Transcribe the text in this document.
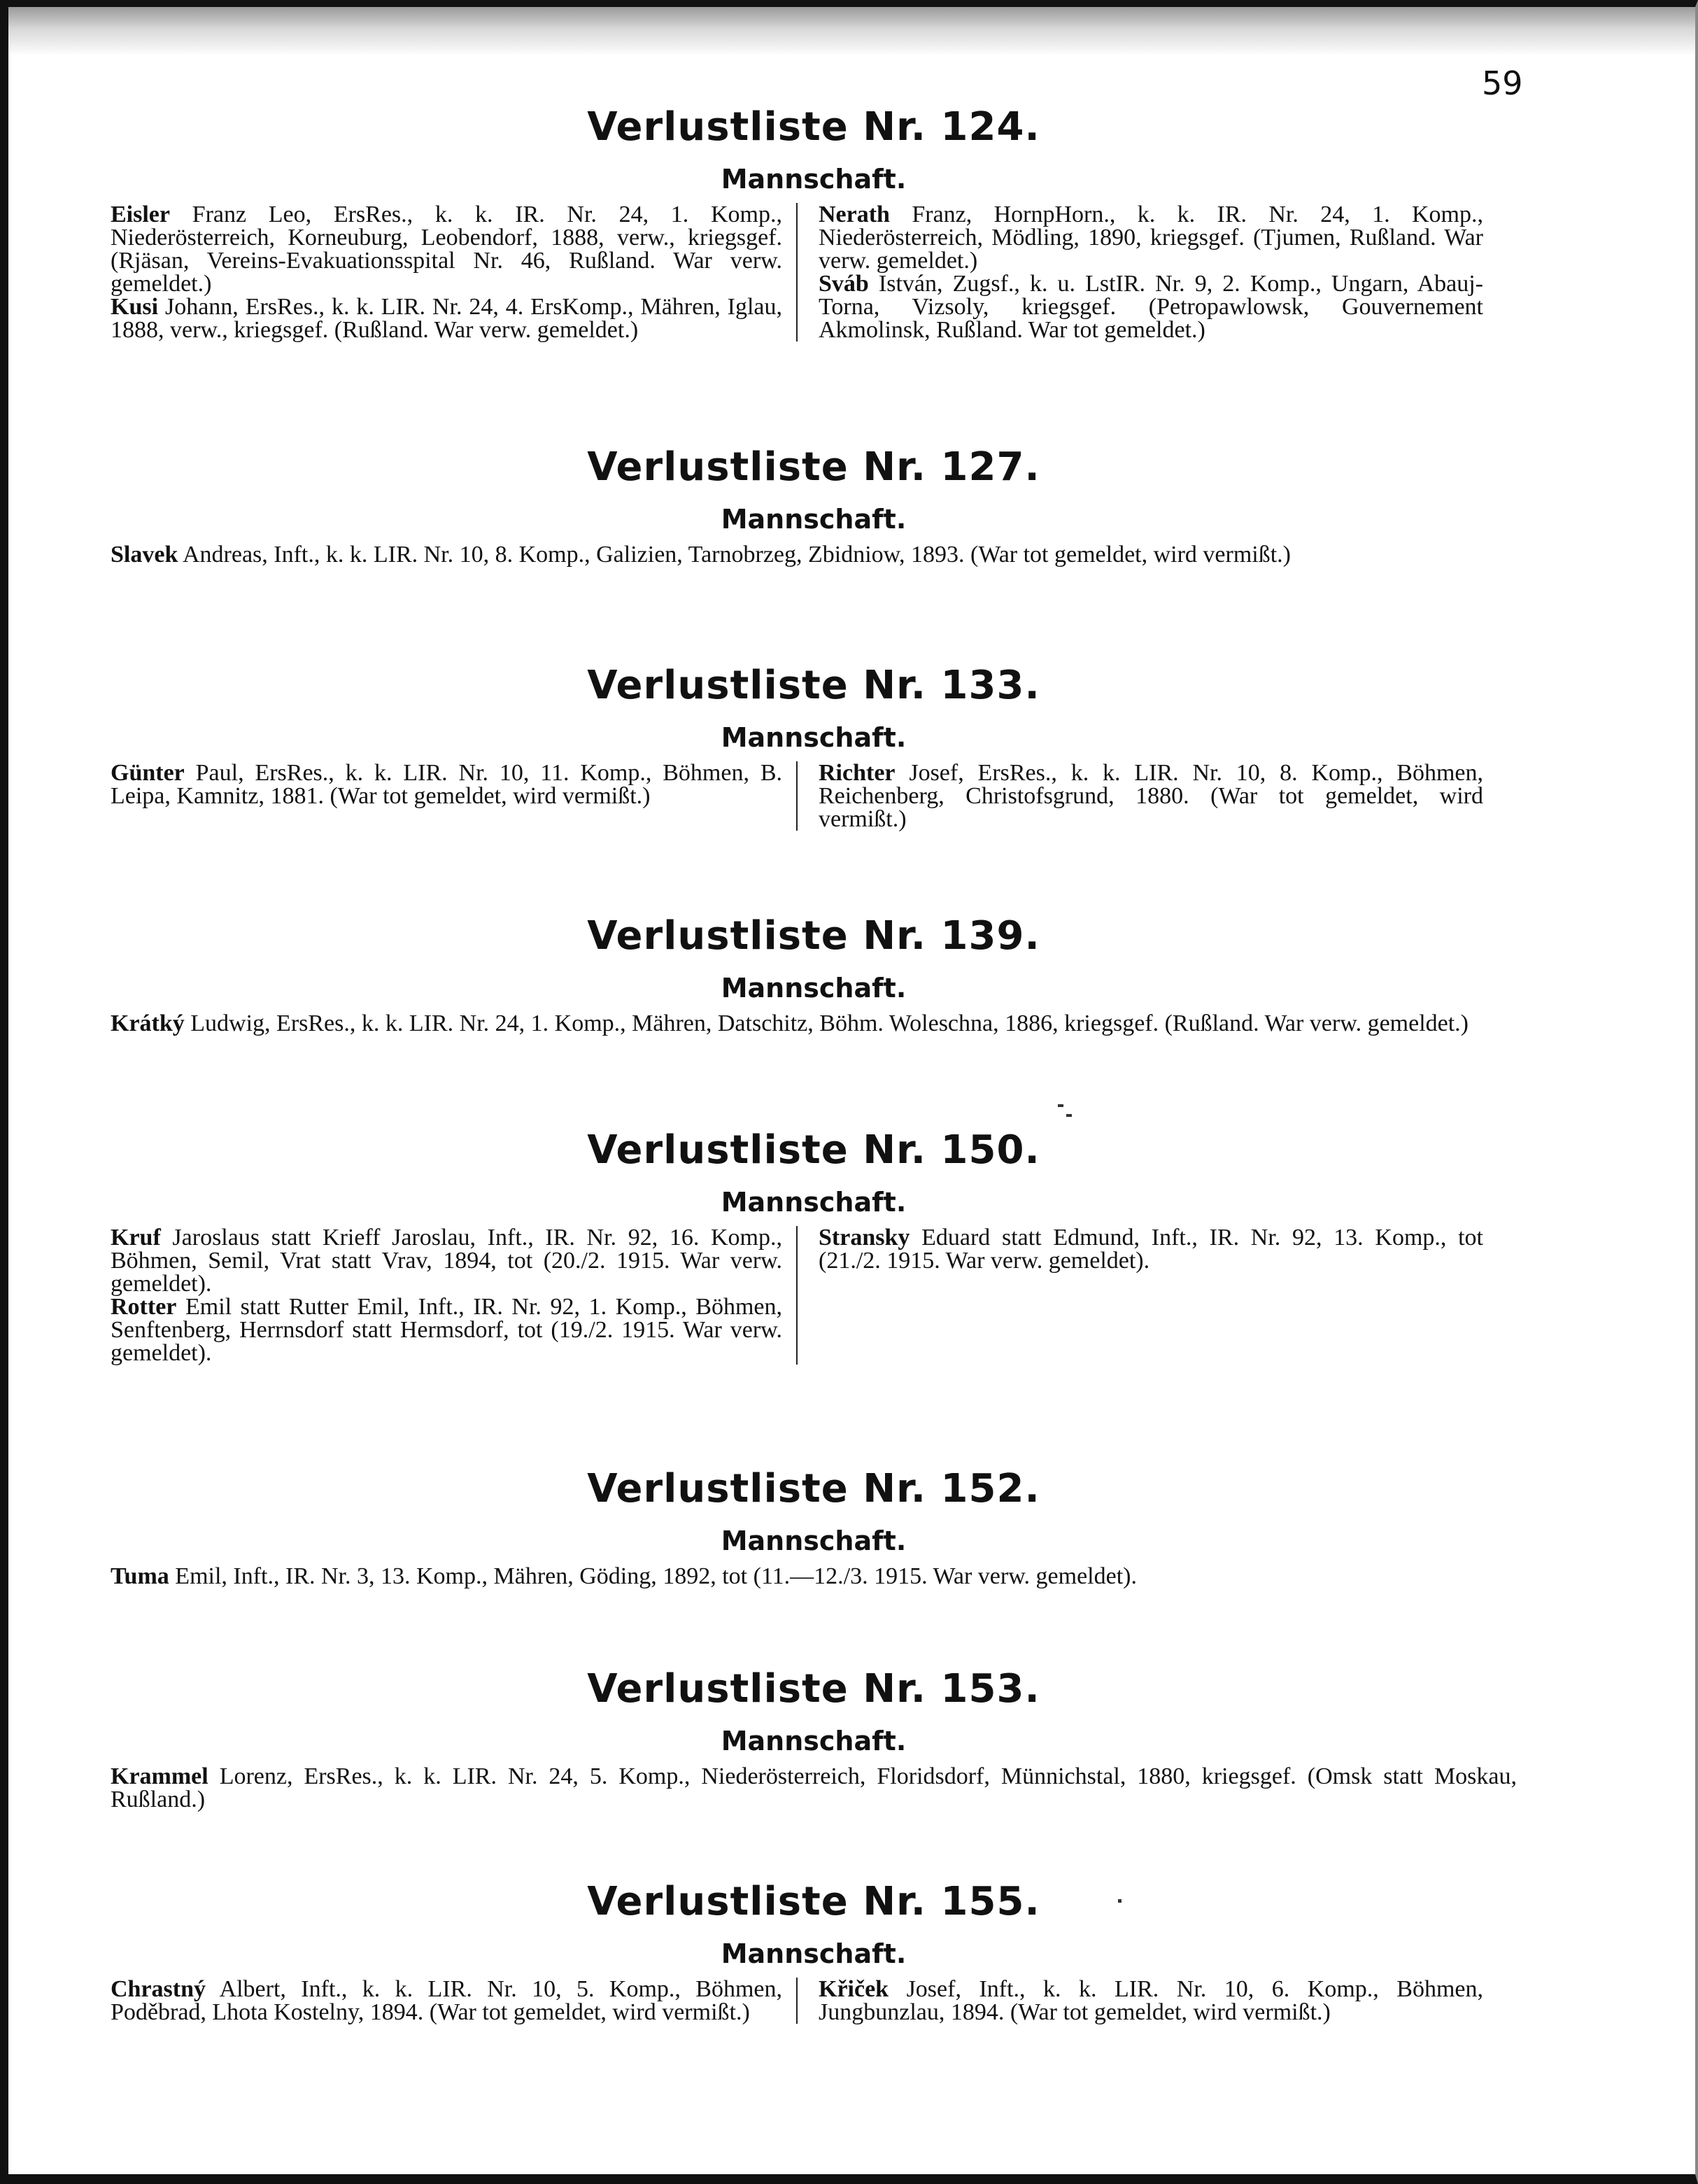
59
Verlustliste Nr. 124.
Mannschaft.

Eisler Franz Leo, ErsRes., k. k. IR. Nr. 24, 1. Komp., Niederösterreich, Korneuburg, Leobendorf, 1888, verw., kriegsgef. (Rjäsan, Vereins-Evakuationsspital Nr. 46, Rußland. War verw. gemeldet.)

Kusi Johann, ErsRes., k. k. LIR. Nr. 24, 4. ErsKomp., Mähren, Iglau, 1888, verw., kriegsgef. (Rußland. War verw. gemeldet.)

Nerath Franz, HornpHorn., k. k. IR. Nr. 24, 1. Komp., Niederösterreich, Mödling, 1890, kriegsgef. (Tjumen, Rußland. War verw. gemeldet.)

Sváb István, Zugsf., k. u. LstIR. Nr. 9, 2. Komp., Ungarn, Abauj-Torna, Vizsoly, kriegsgef. (Petropawlowsk, Gouvernement Akmolinsk, Rußland. War tot gemeldet.)

Verlustliste Nr. 127.
Mannschaft.

Slavek Andreas, Inft., k. k. LIR. Nr. 10, 8. Komp., Galizien, Tarnobrzeg, Zbidniow, 1893. (War tot gemeldet, wird vermißt.)

Verlustliste Nr. 133.
Mannschaft.

Günter Paul, ErsRes., k. k. LIR. Nr. 10, 11. Komp., Böhmen, B. Leipa, Kamnitz, 1881. (War tot gemeldet, wird vermißt.)

Richter Josef, ErsRes., k. k. LIR. Nr. 10, 8. Komp., Böhmen, Reichenberg, Christofsgrund, 1880. (War tot gemeldet, wird vermißt.)

Verlustliste Nr. 139.
Mannschaft.

Krátký Ludwig, ErsRes., k. k. LIR. Nr. 24, 1. Komp., Mähren, Datschitz, Böhm. Woleschna, 1886, kriegsgef. (Rußland. War verw. gemeldet.)

Verlustliste Nr. 150.
Mannschaft.

Kruf Jaroslaus statt Krieff Jaroslau, Inft., IR. Nr. 92, 16. Komp., Böhmen, Semil, Vrat statt Vrav, 1894, tot (20./2. 1915. War verw. gemeldet).

Rotter Emil statt Rutter Emil, Inft., IR. Nr. 92, 1. Komp., Böhmen, Senftenberg, Herrnsdorf statt Hermsdorf, tot (19./2. 1915. War verw. gemeldet).

Stransky Eduard statt Edmund, Inft., IR. Nr. 92, 13. Komp., tot (21./2. 1915. War verw. gemeldet).

Verlustliste Nr. 152.
Mannschaft.

Tuma Emil, Inft., IR. Nr. 3, 13. Komp., Mähren, Göding, 1892, tot (11.—12./3. 1915. War verw. gemeldet).

Verlustliste Nr. 153.
Mannschaft.

Krammel Lorenz, ErsRes., k. k. LIR. Nr. 24, 5. Komp., Niederösterreich, Floridsdorf, Münnichstal, 1880, kriegsgef. (Omsk statt Moskau, Rußland.)

Verlustliste Nr. 155.
Mannschaft.

Chrastný Albert, Inft., k. k. LIR. Nr. 10, 5. Komp., Böhmen, Poděbrad, Lhota Kostelny, 1894. (War tot gemeldet, wird vermißt.)

Křiček Josef, Inft., k. k. LIR. Nr. 10, 6. Komp., Böhmen, Jungbunzlau, 1894. (War tot gemeldet, wird vermißt.)
